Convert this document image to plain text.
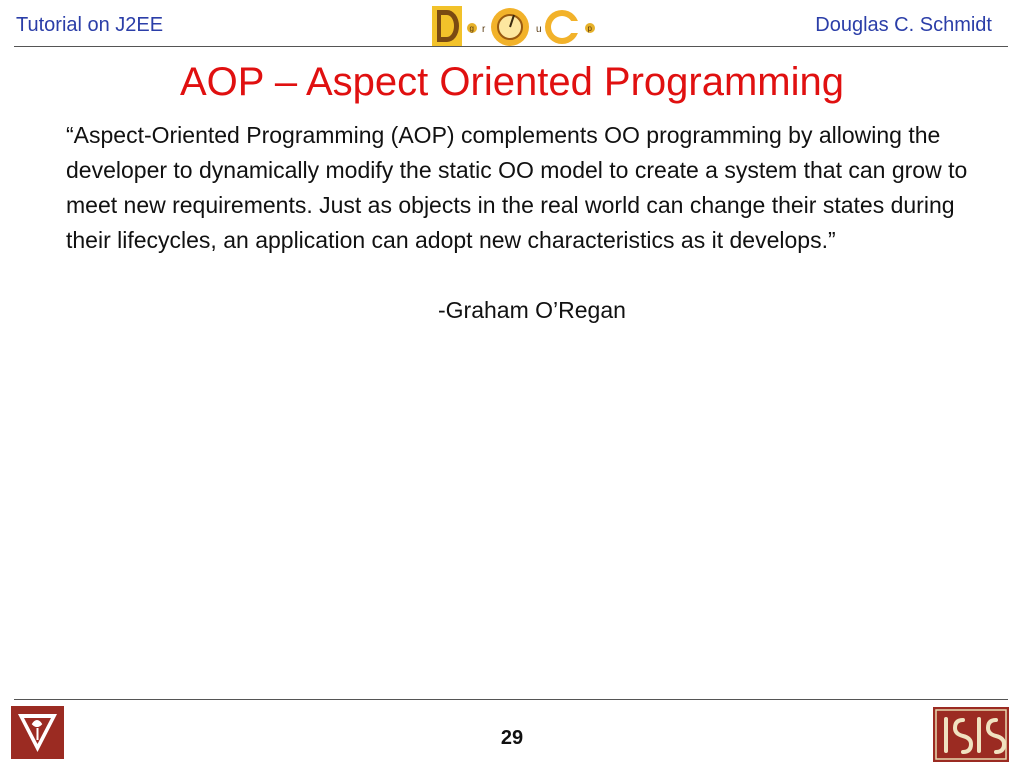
Tutorial on J2EE	g r	u	p	Douglas C. Schmidt
AOP – Aspect Oriented Programming
“Aspect-Oriented Programming (AOP) complements OO programming by allowing the developer to dynamically modify the static OO model to create a system that can grow to meet new requirements. Just as objects in the real world can change their states during their lifecycles, an application can adopt new characteristics as it develops.”
-Graham O’Regan
29
